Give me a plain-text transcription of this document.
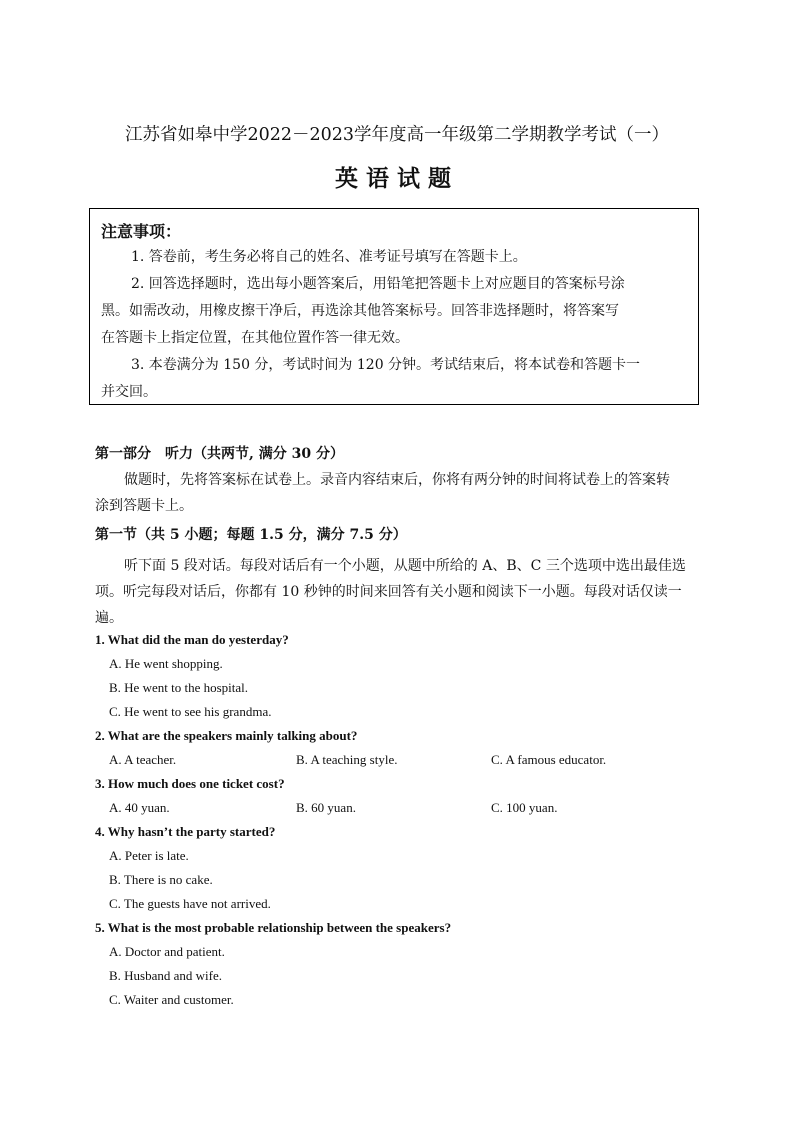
江苏省如皋中学2022－2023学年度高一年级第二学期教学考试（一）
英语试题
注意事项：
1. 答卷前，考生务必将自己的姓名、准考证号填写在答题卡上。
2. 回答选择题时，选出每小题答案后，用铅笔把答题卡上对应题目的答案标号涂
黑。如需改动，用橡皮擦干净后，再选涂其他答案标号。回答非选择题时，将答案写
在答题卡上指定位置，在其他位置作答一律无效。
3. 本卷满分为 150 分，考试时间为 120 分钟。考试结束后，将本试卷和答题卡一
并交回。
第一部分　听力（共两节, 满分 30 分）
做题时，先将答案标在试卷上。录音内容结束后，你将有两分钟的时间将试卷上的答案转
涂到答题卡上。
第一节（共 5 小题；每题 1.5 分，满分 7.5 分）
听下面 5 段对话。每段对话后有一个小题，从题中所给的 A、B、C 三个选项中选出最佳选
项。听完每段对话后，你都有 10 秒钟的时间来回答有关小题和阅读下一小题。每段对话仅读一
遍。
1. What did the man do yesterday?
A. He went shopping.
B. He went to the hospital.
C. He went to see his grandma.
2. What are the speakers mainly talking about?
A. A teacher.	B. A teaching style.	C. A famous educator.
3. How much does one ticket cost?
A. 40 yuan.	B. 60 yuan.	C. 100 yuan.
4. Why hasn’t the party started?
A. Peter is late.
B. There is no cake.
C. The guests have not arrived.
5. What is the most probable relationship between the speakers?
A. Doctor and patient.
B. Husband and wife.
C. Waiter and customer.
